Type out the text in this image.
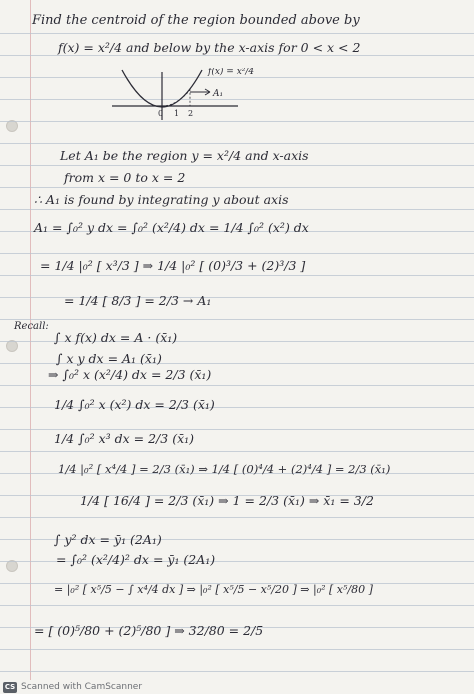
Find the centroid of the region bounded above by
f(x) = x²/4 and below by the x-axis for 0 < x < 2
f(x) = x²/4
A₁
0 1 2
Let A₁ be the region y = x²/4 and x-axis
from x = 0 to x = 2
∴ A₁ is found by integrating y about axis
A₁ = ∫₀² y dx = ∫₀² (x²/4) dx = 1/4 ∫₀² (x²) dx
= 1/4 |₀² [ x³/3 ] ⇒ 1/4 |₀² [ (0)³/3 + (2)³/3 ]
= 1/4 [ 8/3 ] = 2/3 → A₁
Recall:
∫ x f(x) dx = A · (x̄₁)
∫ x y dx = A₁ (x̄₁)
⇒ ∫₀² x (x²/4) dx = 2/3 (x̄₁)
1/4 ∫₀² x (x²) dx = 2/3 (x̄₁)
1/4 ∫₀² x³ dx = 2/3 (x̄₁)
1/4 |₀² [ x⁴/4 ] = 2/3 (x̄₁) ⇒ 1/4 [ (0)⁴/4 + (2)⁴/4 ] = 2/3 (x̄₁)
1/4 [ 16/4 ] = 2/3 (x̄₁) ⇒ 1 = 2/3 (x̄₁) ⇒ x̄₁ = 3/2
∫ y² dx = ȳ₁ (2A₁)
= ∫₀² (x²/4)² dx = ȳ₁ (2A₁)
= |₀² [ x⁵/5 − ∫ x⁴/4 dx ] ⇒ |₀² [ x⁵/5 − x⁵/20 ] ⇒ |₀² [ x⁵/80 ]
= [ (0)⁵/80 + (2)⁵/80 ] ⇒ 32/80 = 2/5
CS Scanned with CamScanner
